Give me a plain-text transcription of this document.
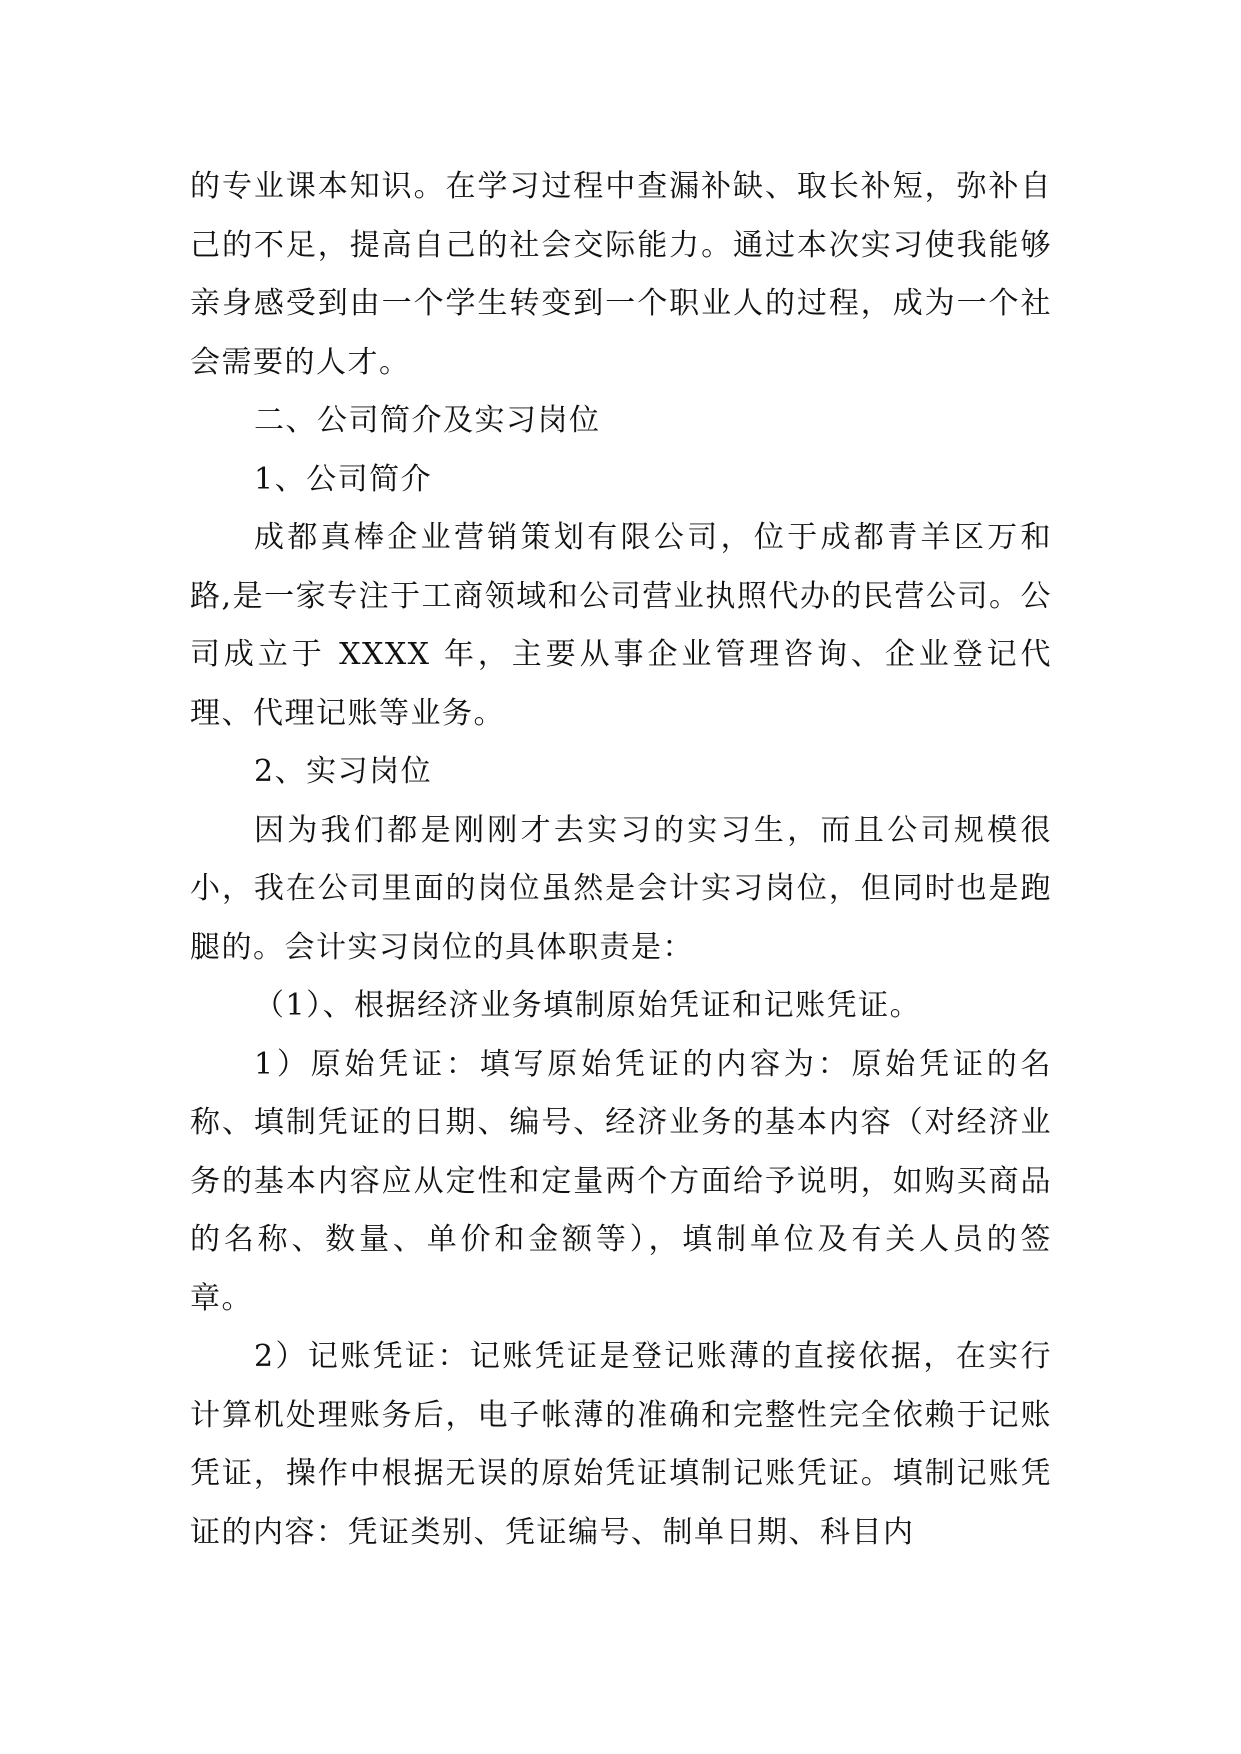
的专业课本知识。在学习过程中查漏补缺、取长补短，弥补自己的不足，提高自己的社会交际能力。通过本次实习使我能够亲身感受到由一个学生转变到一个职业人的过程，成为一个社会需要的人才。

二、公司简介及实习岗位

1、公司简介

成都真棒企业营销策划有限公司，位于成都青羊区万和路,是一家专注于工商领域和公司营业执照代办的民营公司。公司成立于 XXXX 年，主要从事企业管理咨询、企业登记代理、代理记账等业务。

2、实习岗位

因为我们都是刚刚才去实习的实习生，而且公司规模很小，我在公司里面的岗位虽然是会计实习岗位，但同时也是跑腿的。会计实习岗位的具体职责是：

（1）、根据经济业务填制原始凭证和记账凭证。

1）原始凭证：填写原始凭证的内容为：原始凭证的名称、填制凭证的日期、编号、经济业务的基本内容（对经济业务的基本内容应从定性和定量两个方面给予说明，如购买商品的名称、数量、单价和金额等），填制单位及有关人员的签章。

2）记账凭证：记账凭证是登记账薄的直接依据，在实行计算机处理账务后，电子帐薄的准确和完整性完全依赖于记账凭证，操作中根据无误的原始凭证填制记账凭证。填制记账凭证的内容：凭证类别、凭证编号、制单日期、科目内
